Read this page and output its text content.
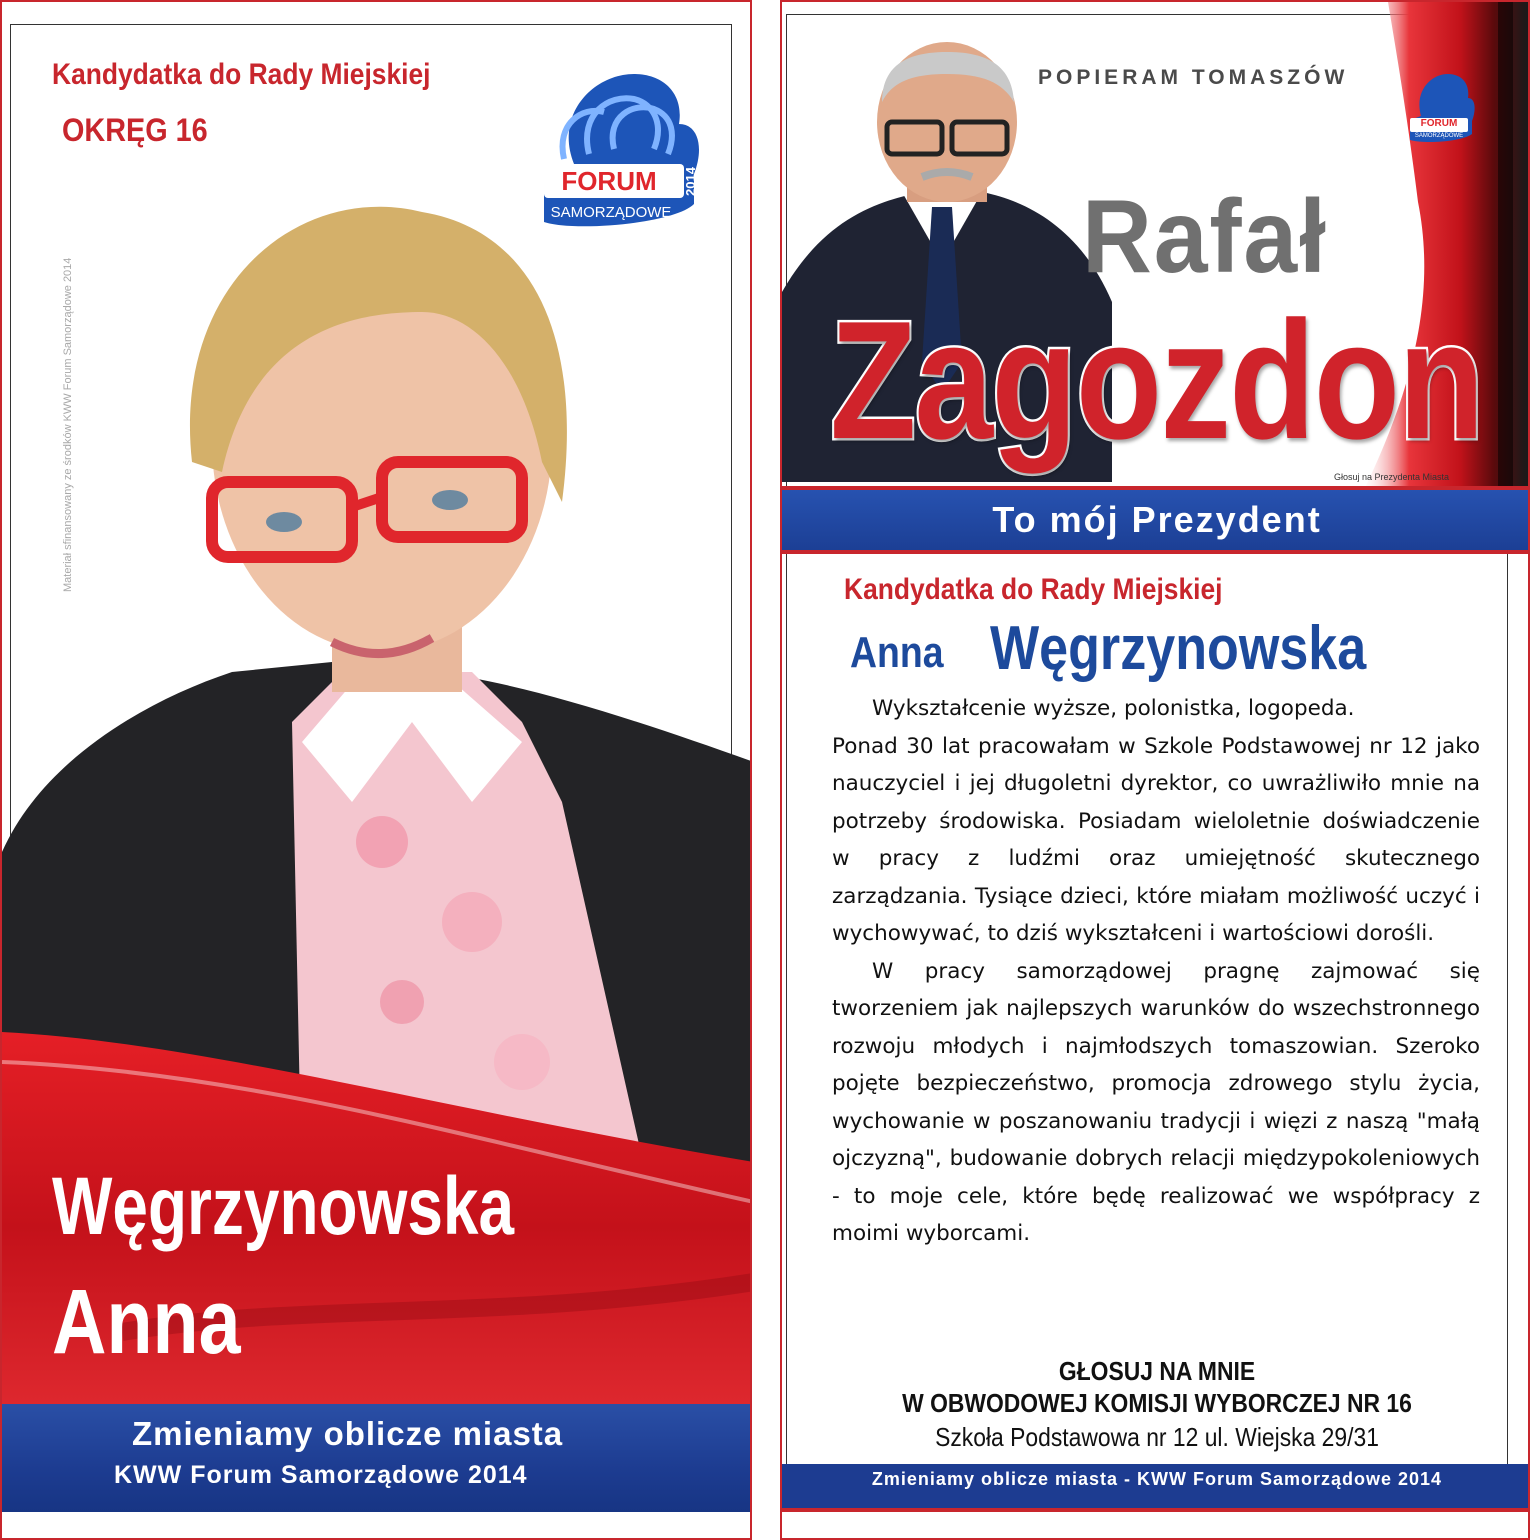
Kandydatka do Rady Miejskiej
OKRĘG 16
FORUM
SAMORZĄDOWE
2014
Materiał sfinansowany ze środków KWW Forum Samorządowe 2014
Węgrzynowska
Anna
Zmieniamy oblicze miasta
KWW Forum Samorządowe 2014
POPIERAM TOMASZÓW
FORUM
SAMORZĄDOWE
Rafał
Zagozdon
Głosuj na Prezydenta Miasta
To mój Prezydent
Kandydatka do Rady Miejskiej
Anna Węgrzynowska

Wykształcenie wyższe, polonistka, logopeda.

Ponad 30 lat pracowałam w Szkole Podstawowej nr 12 jako nauczyciel i jej długoletni dyrektor, co uwrażliwiło mnie na potrzeby środowiska. Posiadam wieloletnie doświadczenie w pracy z ludźmi oraz umiejętność skutecznego zarządzania. Tysiące dzieci, które miałam możliwość uczyć i wychowywać, to dziś wykształceni i wartościowi dorośli.

W pracy samorządowej pragnę zajmować się tworzeniem jak najlepszych warunków do wszechstronnego rozwoju młodych i najmłodszych tomaszowian. Szeroko pojęte bezpieczeństwo, promocja zdrowego stylu życia, wychowanie w poszanowaniu tradycji i więzi z naszą "małą ojczyzną", budowanie dobrych relacji międzypokoleniowych - to moje cele, które będę realizować we współpracy z moimi wyborcami.

GŁOSUJ NA MNIE
W OBWODOWEJ KOMISJI WYBORCZEJ NR 16
Szkoła Podstawowa nr 12 ul. Wiejska 29/31
Zmieniamy oblicze miasta - KWW Forum Samorządowe 2014
